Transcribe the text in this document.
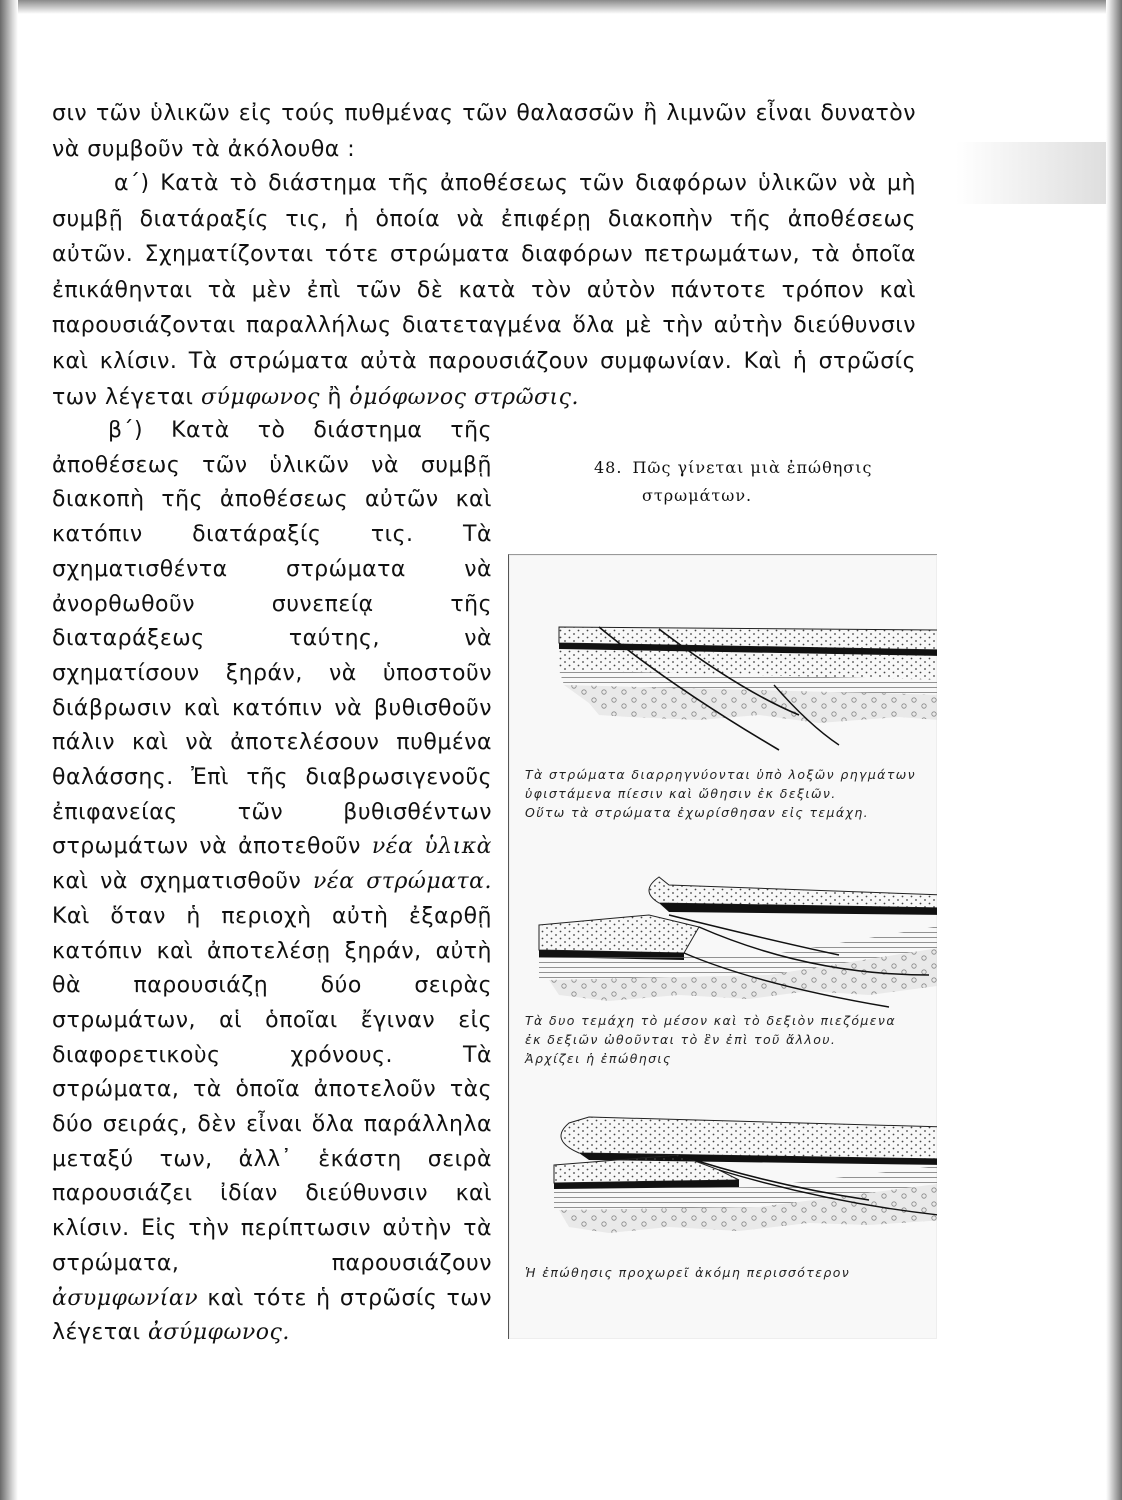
σιν τῶν ὑλικῶν εἰς τούς πυθμένας τῶν θαλασσῶν ἢ λιμνῶν εἶναι δυνατὸν νὰ συμβοῦν τὰ ἀκόλουθα :

α΄) Κατὰ τὸ διάστημα τῆς ἀποθέσεως τῶν διαφόρων ὑλικῶν νὰ μὴ συμβῇ διατάραξίς τις, ἡ ὁποία νὰ ἐπιφέρῃ διακοπὴν τῆς ἀποθέσεως αὐτῶν. Σχηματίζονται τότε στρώματα διαφόρων πετρωμάτων, τὰ ὁποῖα ἐπικάθηνται τὰ μὲν ἐπὶ τῶν δὲ κατὰ τὸν αὐτὸν πάντοτε τρόπον καὶ παρουσιάζονται παραλλήλως διατεταγμένα ὅλα μὲ τὴν αὐτὴν διεύθυνσιν καὶ κλίσιν. Τὰ στρώματα αὐτὰ παρουσιάζουν συμφωνίαν. Καὶ ἡ στρῶσίς των λέγεται σύμφωνος ἢ ὁμόφωνος στρῶσις.

β΄) Κατὰ τὸ διάστημα τῆς ἀποθέσεως τῶν ὑλικῶν νὰ συμβῇ διακοπὴ τῆς ἀποθέσεως αὐτῶν καὶ κατόπιν διατάραξίς τις. Τὰ σχηματισθέντα στρώματα νὰ ἀνορθωθοῦν συνεπείᾳ τῆς διαταράξεως ταύτης, νὰ σχηματίσουν ξηράν, νὰ ὑποστοῦν διάβρωσιν καὶ κατόπιν νὰ βυθισθοῦν πάλιν καὶ νὰ ἀποτελέσουν πυθμένα θαλάσσης. Ἐπὶ τῆς διαβρωσιγενοῦς ἐπιφανείας τῶν βυθισθέντων στρωμάτων νὰ ἀποτεθοῦν νέα ὑλικὰ καὶ νὰ σχηματισθοῦν νέα στρώματα. Καὶ ὅταν ἡ περιοχὴ αὐτὴ ἐξαρθῇ κατόπιν καὶ ἀποτελέσῃ ξηράν, αὐτὴ θὰ παρουσιάζῃ δύο σειρὰς στρωμάτων, αἱ ὁποῖαι ἔγιναν εἰς διαφορετικοὺς χρόνους. Τὰ στρώματα, τὰ ὁποῖα ἀποτελοῦν τὰς δύο σειράς, δὲν εἶναι ὅλα παράλληλα μεταξύ των, ἀλλ᾽ ἑκάστη σειρὰ παρουσιάζει ἰδίαν διεύθυνσιν καὶ κλίσιν. Εἰς τὴν περίπτωσιν αὐτὴν τὰ στρώματα, παρουσιάζουν ἀσυμφωνίαν καὶ τότε ἡ στρῶσίς των λέγεται ἀσύμφωνος.

48. Πῶς γίνεται μιὰ ἐπώθησις
στρωμάτων.
Τὰ στρώματα διαρρηγνύονται ὑπὸ λοξῶν ρηγμάτων
ὑφιστάμενα πίεσιν καὶ ὤθησιν ἐκ δεξιῶν.
Οὕτω τὰ στρώματα ἐχωρίσθησαν εἰς τεμάχη.
Τὰ δυο τεμάχη τὸ μέσον καὶ τὸ δεξιὸν πιεζόμενα
ἐκ δεξιῶν ὠθοῦνται τὸ ἓν ἐπὶ τοῦ ἄλλου.
Ἀρχίζει ἡ ἐπώθησις
Ἡ ἐπώθησις προχωρεῖ ἀκόμη περισσότερον
